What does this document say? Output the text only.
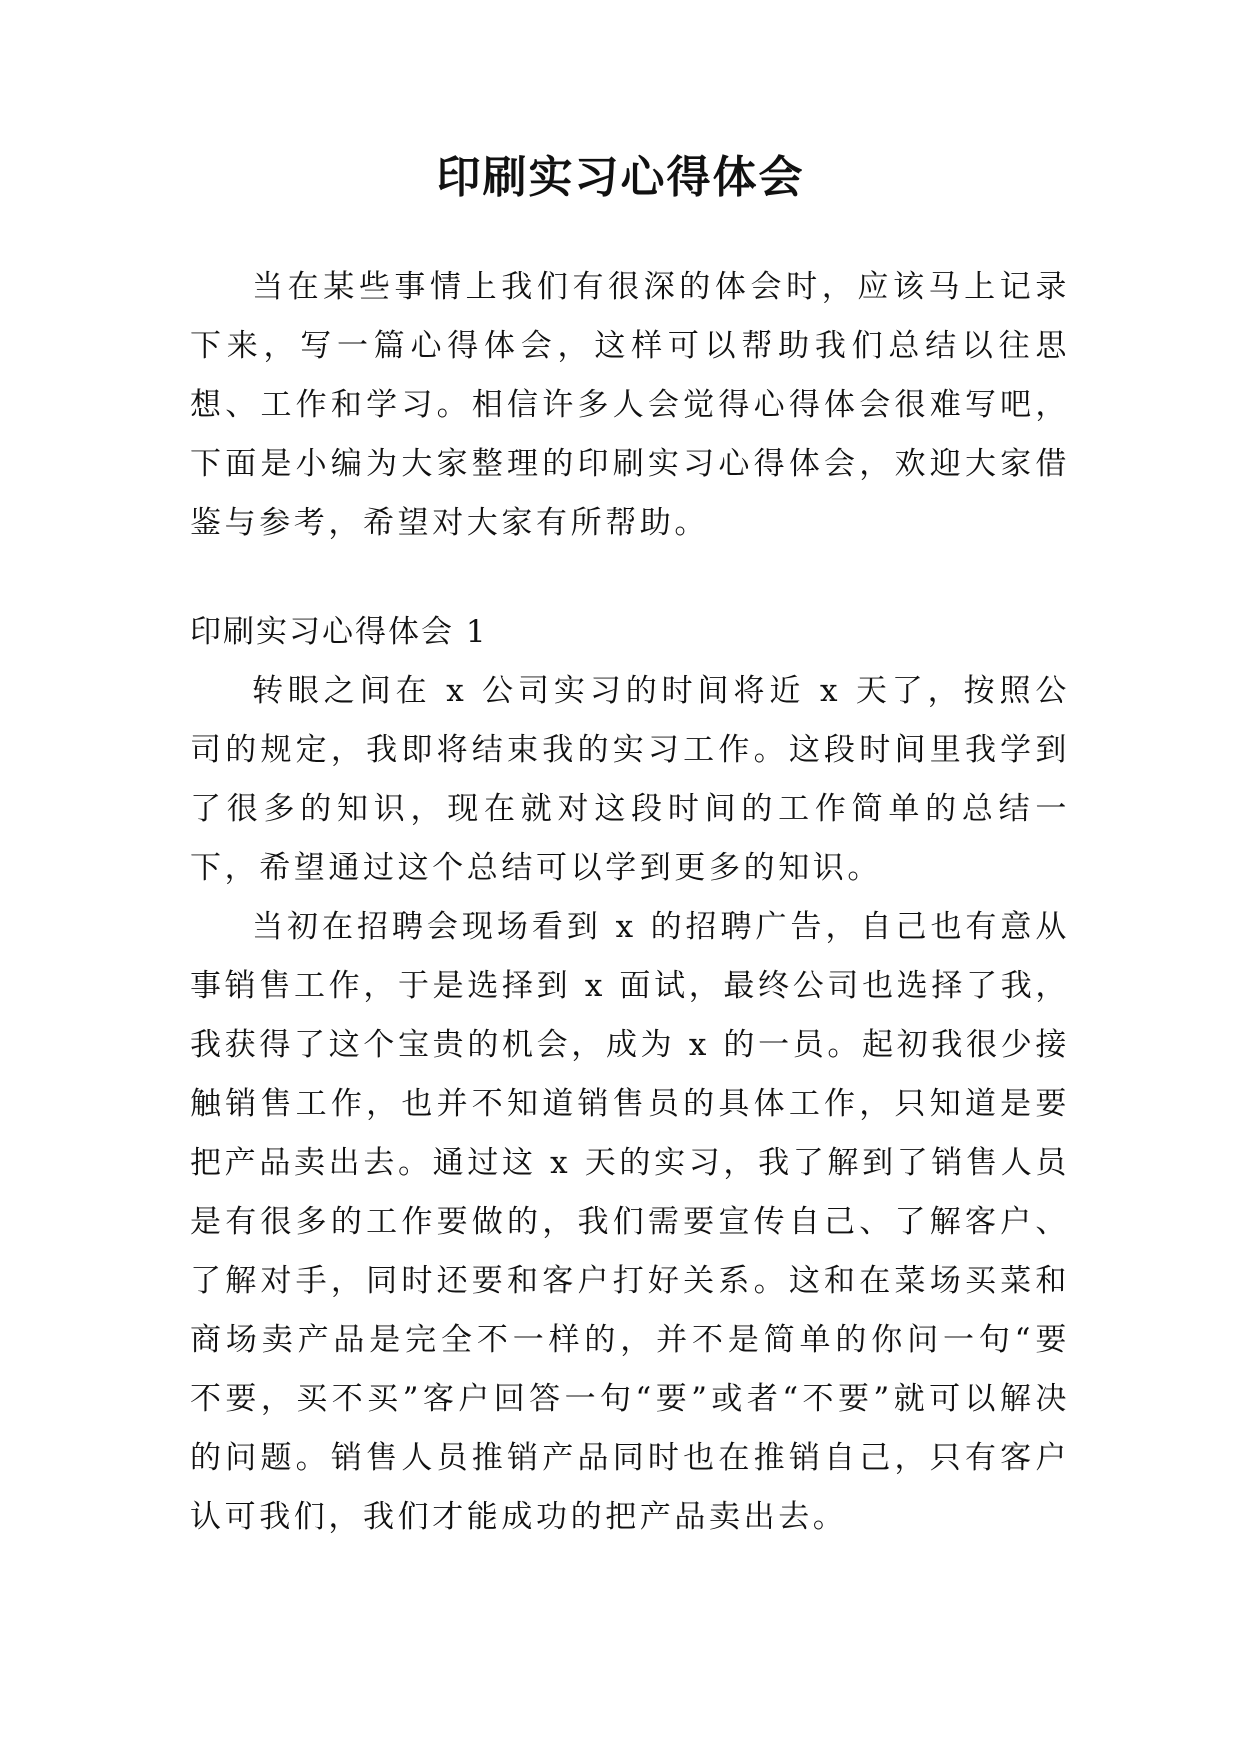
印刷实习心得体会

当在某些事情上我们有很深的体会时，应该马上记录下来，写一篇心得体会，这样可以帮助我们总结以往思想、工作和学习。相信许多人会觉得心得体会很难写吧，下面是小编为大家整理的印刷实习心得体会，欢迎大家借鉴与参考，希望对大家有所帮助。

印刷实习心得体会 1

转眼之间在 x 公司实习的时间将近 x 天了，按照公司的规定，我即将结束我的实习工作。这段时间里我学到了很多的知识，现在就对这段时间的工作简单的总结一下，希望通过这个总结可以学到更多的知识。

当初在招聘会现场看到 x 的招聘广告，自己也有意从事销售工作，于是选择到 x 面试，最终公司也选择了我，我获得了这个宝贵的机会，成为 x 的一员。起初我很少接触销售工作，也并不知道销售员的具体工作，只知道是要把产品卖出去。通过这 x 天的实习，我了解到了销售人员是有很多的工作要做的，我们需要宣传自己、了解客户、了解对手，同时还要和客户打好关系。这和在菜场买菜和商场卖产品是完全不一样的，并不是简单的你问一句“要不要，买不买”客户回答一句“要”或者“不要”就可以解决的问题。销售人员推销产品同时也在推销自己，只有客户认可我们，我们才能成功的把产品卖出去。
